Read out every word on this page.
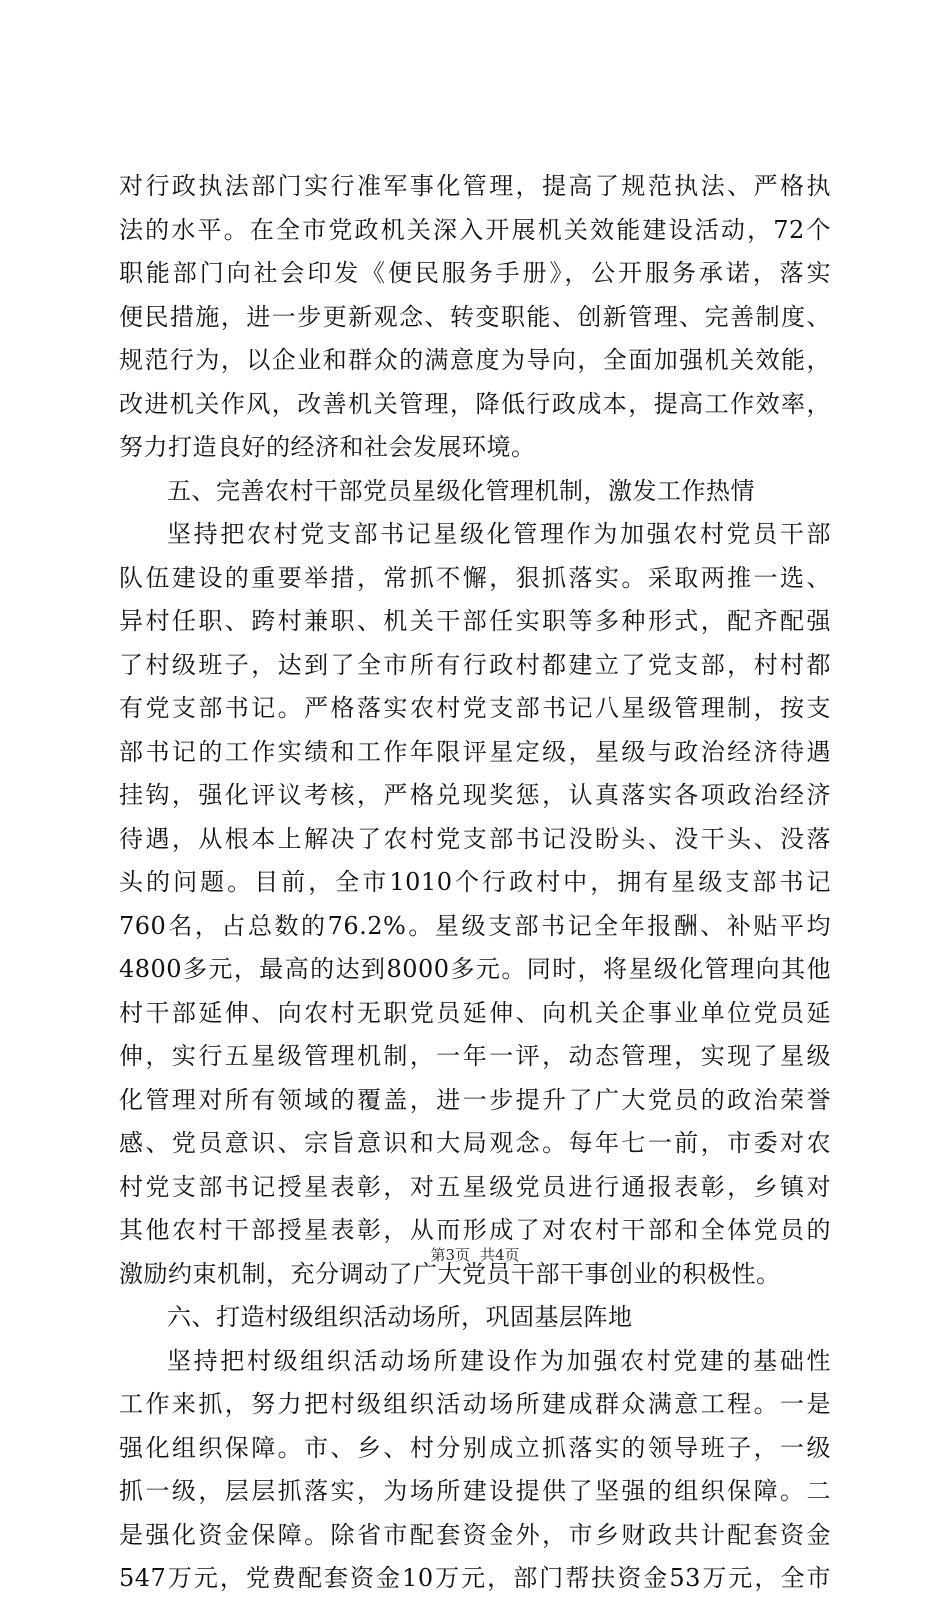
对行政执法部门实行准军事化管理，提高了规范执法、严格执
法的水平。在全市党政机关深入开展机关效能建设活动，72个
职能部门向社会印发《便民服务手册》，公开服务承诺，落实
便民措施，进一步更新观念、转变职能、创新管理、完善制度、
规范行为，以企业和群众的满意度为导向，全面加强机关效能，
改进机关作风，改善机关管理，降低行政成本，提高工作效率，
努力打造良好的经济和社会发展环境。
五、完善农村干部党员星级化管理机制，激发工作热情
坚持把农村党支部书记星级化管理作为加强农村党员干部
队伍建设的重要举措，常抓不懈，狠抓落实。采取两推一选、
异村任职、跨村兼职、机关干部任实职等多种形式，配齐配强
了村级班子，达到了全市所有行政村都建立了党支部，村村都
有党支部书记。严格落实农村党支部书记八星级管理制，按支
部书记的工作实绩和工作年限评星定级，星级与政治经济待遇
挂钩，强化评议考核，严格兑现奖惩，认真落实各项政治经济
待遇，从根本上解决了农村党支部书记没盼头、没干头、没落
头的问题。目前，全市1010个行政村中，拥有星级支部书记
760名，占总数的76.2%。星级支部书记全年报酬、补贴平均
4800多元，最高的达到8000多元。同时，将星级化管理向其他
村干部延伸、向农村无职党员延伸、向机关企事业单位党员延
伸，实行五星级管理机制，一年一评，动态管理，实现了星级
化管理对所有领域的覆盖，进一步提升了广大党员的政治荣誉
感、党员意识、宗旨意识和大局观念。每年七一前，市委对农
村党支部书记授星表彰，对五星级党员进行通报表彰，乡镇对
其他农村干部授星表彰，从而形成了对农村干部和全体党员的
激励约束机制，充分调动了广大党员干部干事创业的积极性。
六、打造村级组织活动场所，巩固基层阵地
坚持把村级组织活动场所建设作为加强农村党建的基础性
工作来抓，努力把村级组织活动场所建成群众满意工程。一是
强化组织保障。市、乡、村分别成立抓落实的领导班子，一级
抓一级，层层抓落实，为场所建设提供了坚强的组织保障。二
是强化资金保障。除省市配套资金外，市乡财政共计配套资金
547万元，党费配套资金10万元，部门帮扶资金53万元，全市
第3页 共4页
